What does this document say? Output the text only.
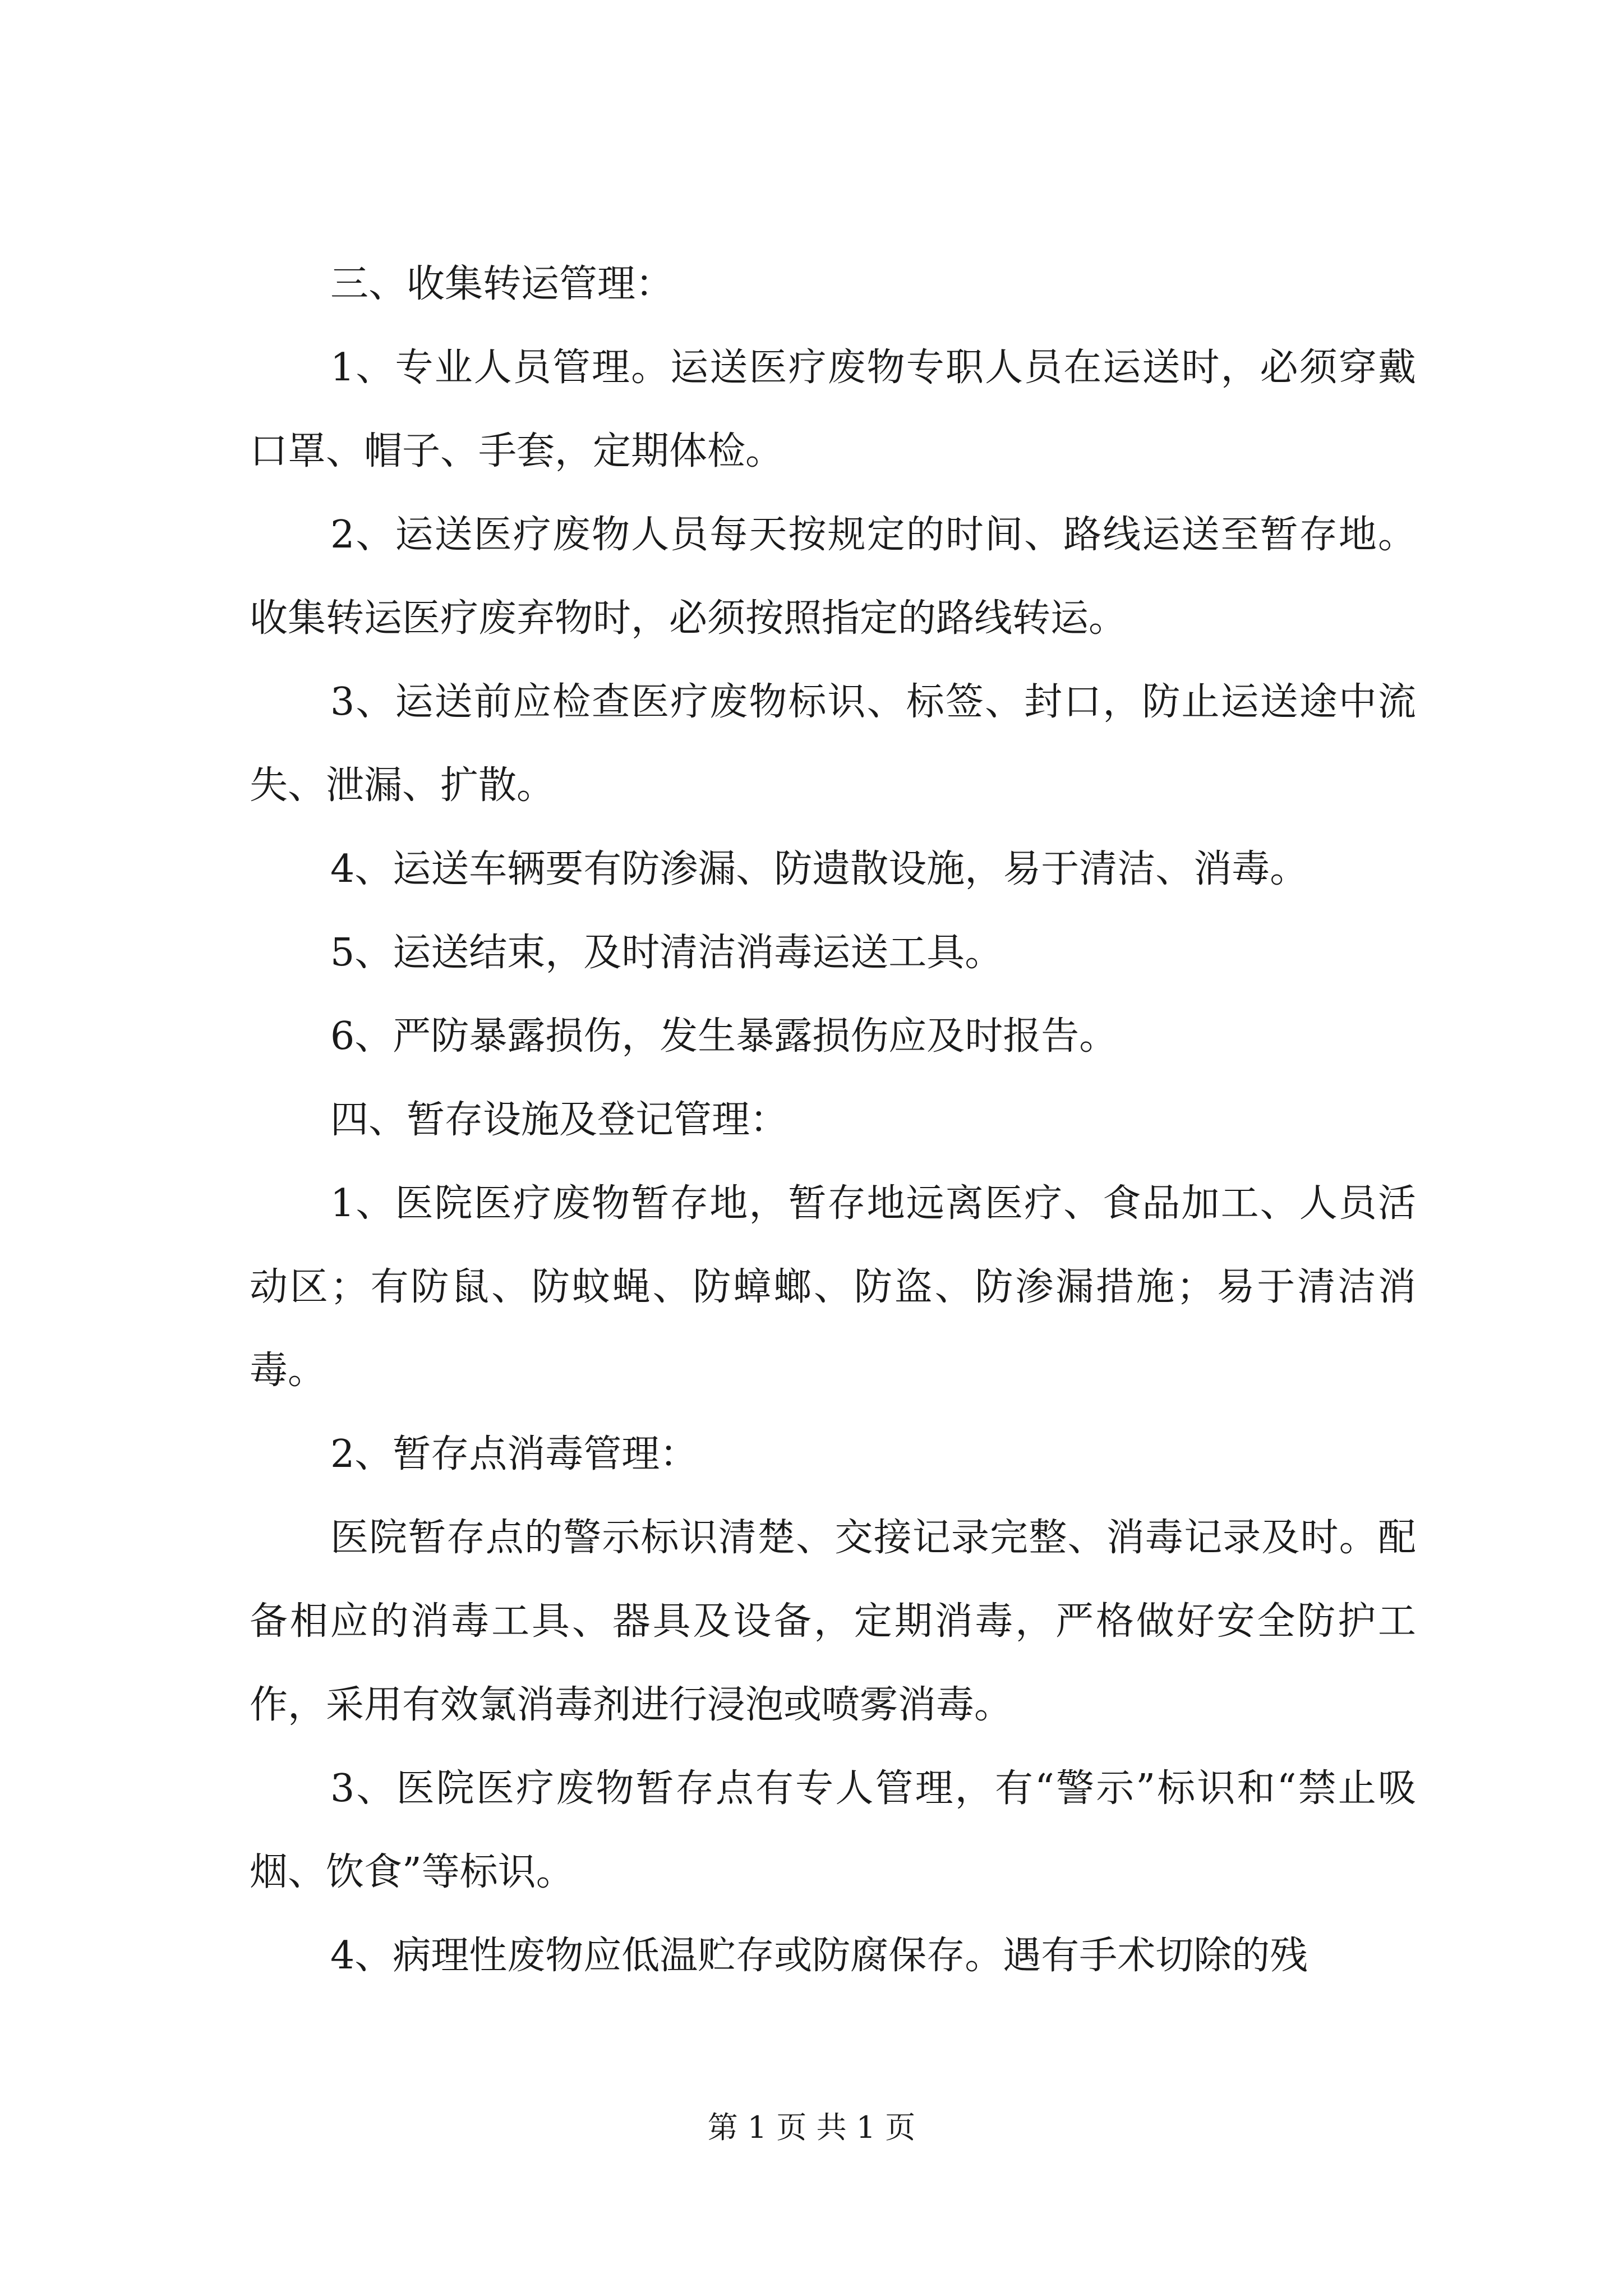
三、收集转运管理：

1、专业人员管理。运送医疗废物专职人员在运送时，必须穿戴口罩、帽子、手套，定期体检。

2、运送医疗废物人员每天按规定的时间、路线运送至暂存地。收集转运医疗废弃物时，必须按照指定的路线转运。

3、运送前应检查医疗废物标识、标签、封口，防止运送途中流失、泄漏、扩散。

4、运送车辆要有防渗漏、防遗散设施，易于清洁、消毒。

5、运送结束，及时清洁消毒运送工具。

6、严防暴露损伤，发生暴露损伤应及时报告。

四、暂存设施及登记管理：

1、医院医疗废物暂存地，暂存地远离医疗、食品加工、人员活动区；有防鼠、防蚊蝇、防蟑螂、防盗、防渗漏措施；易于清洁消毒。

2、暂存点消毒管理：

医院暂存点的警示标识清楚、交接记录完整、消毒记录及时。配备相应的消毒工具、器具及设备，定期消毒，严格做好安全防护工作，采用有效氯消毒剂进行浸泡或喷雾消毒。

3、医院医疗废物暂存点有专人管理，有“警示”标识和“禁止吸烟、饮食”等标识。

4、病理性废物应低温贮存或防腐保存。遇有手术切除的残

第 1 页 共 1 页
